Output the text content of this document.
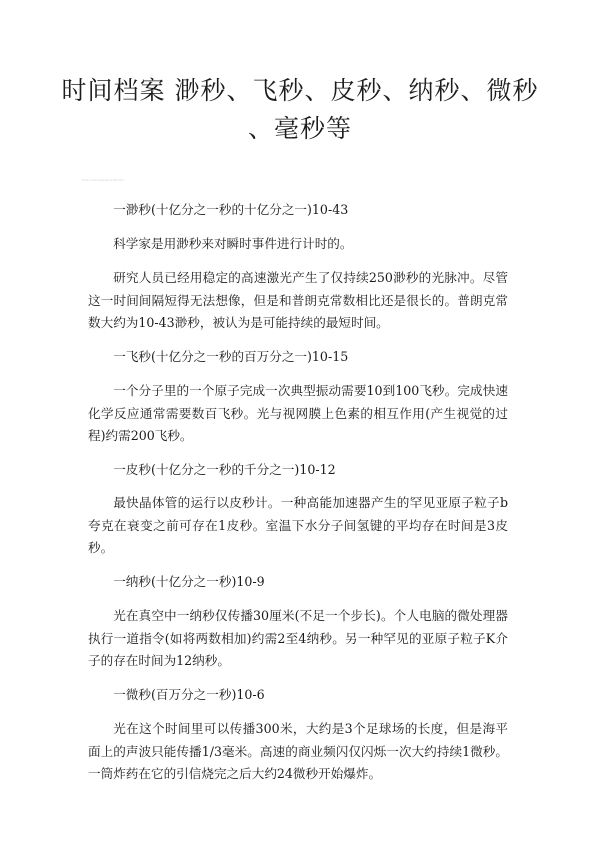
时间档案 渺秒、飞秒、皮秒、纳秒、微秒 、毫秒等
Eval·Licen·Aspose·Ar·Book·t

一渺秒(十亿分之一秒的十亿分之一)10-43

科学家是用渺秒来对瞬时事件进行计时的。

研究人员已经用稳定的高速激光产生了仅持续250渺秒的光脉冲。尽管这一时间间隔短得无法想像，但是和普朗克常数相比还是很长的。普朗克常数大约为10-43渺秒，被认为是可能持续的最短时间。

一飞秒(十亿分之一秒的百万分之一)10-15

一个分子里的一个原子完成一次典型振动需要10到100飞秒。完成快速化学反应通常需要数百飞秒。光与视网膜上色素的相互作用(产生视觉的过程)约需200飞秒。

一皮秒(十亿分之一秒的千分之一)10-12

最快晶体管的运行以皮秒计。一种高能加速器产生的罕见亚原子粒子b夸克在衰变之前可存在1皮秒。室温下水分子间氢键的平均存在时间是3皮秒。

一纳秒(十亿分之一秒)10-9

光在真空中一纳秒仅传播30厘米(不足一个步长)。个人电脑的微处理器执行一道指令(如将两数相加)约需2至4纳秒。另一种罕见的亚原子粒子K介子的存在时间为12纳秒。

一微秒(百万分之一秒)10-6

光在这个时间里可以传播300米，大约是3个足球场的长度，但是海平面上的声波只能传播1/3毫米。高速的商业频闪仅闪烁一次大约持续1微秒。一筒炸药在它的引信烧完之后大约24微秒开始爆炸。
